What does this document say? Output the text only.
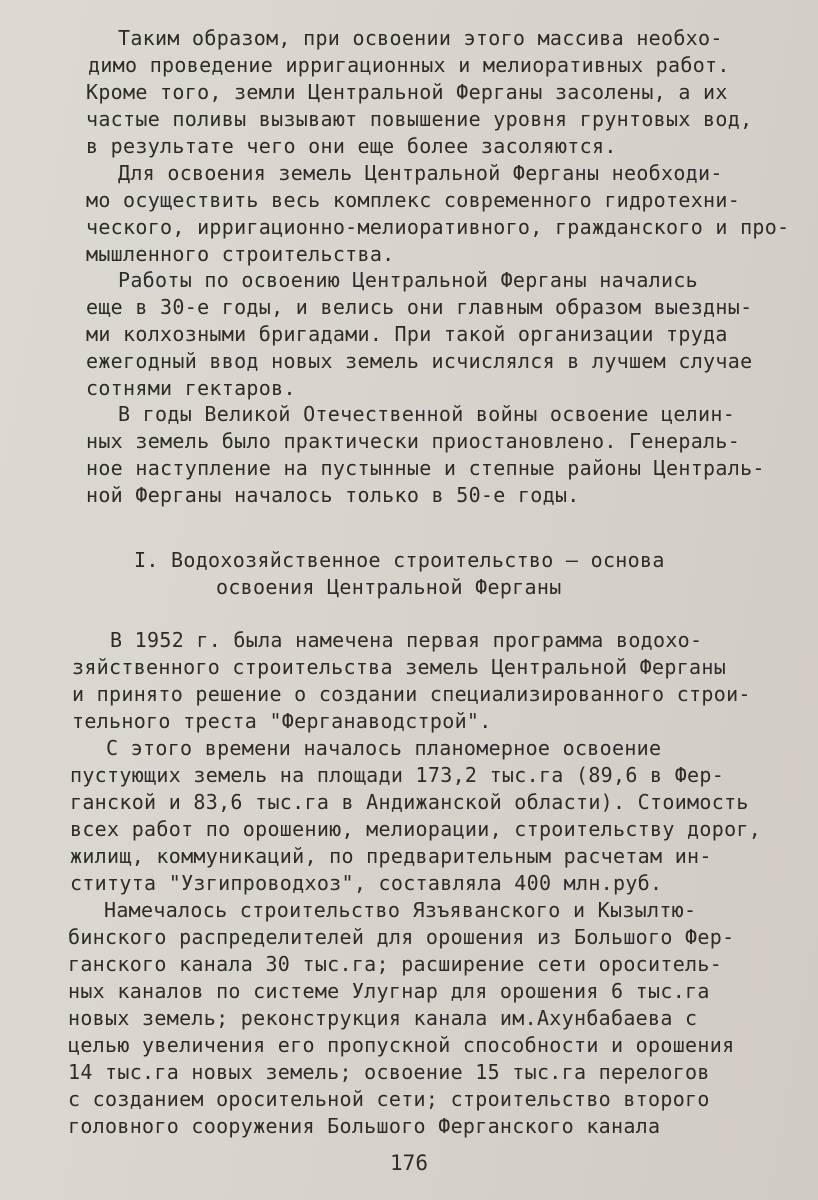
Таким образом, при освоении этого массива необхо-
димо проведение ирригационных и мелиоративных работ.
Кроме того, земли Центральной Ферганы засолены, а их
частые поливы вызывают повышение уровня грунтовых вод,
в результате чего они еще более засоляются.
Для освоения земель Центральной Ферганы необходи-
мо осуществить весь комплекс современного гидротехни-
ческого, ирригационно-мелиоративного, гражданского и про-
мышленного строительства.
Работы по освоению Центральной Ферганы начались
еще в 30-е годы, и велись они главным образом выездны-
ми колхозными бригадами. При такой организации труда
ежегодный ввод новых земель исчислялся в лучшем случае
сотнями гектаров.
В годы Великой Отечественной войны освоение целин-
ных земель было практически приостановлено. Генераль-
ное наступление на пустынные и степные районы Централь-
ной Ферганы началось только в 50-е годы.
I. Водохозяйственное строительство – основа
освоения Центральной Ферганы
В 1952 г. была намечена первая программа водохо-
зяйственного строительства земель Центральной Ферганы
и принято решение о создании специализированного строи-
тельного треста "Ферганаводстрой".
С этого времени началось планомерное освоение
пустующих земель на площади 173,2 тыс.га (89,6 в Фер-
ганской и 83,6 тыс.га в Андижанской области). Стоимость
всех работ по орошению, мелиорации, строительству дорог,
жилищ, коммуникаций, по предварительным расчетам ин-
ститута "Узгипроводхоз", составляла 400 млн.руб.
Намечалось строительство Язъяванского и Кызылтю-
бинского распределителей для орошения из Большого Фер-
ганского канала 30 тыс.га; расширение сети ороситель-
ных каналов по системе Улугнар для орошения 6 тыс.га
новых земель; реконструкция канала им.Ахунбабаева с
целью увеличения его пропускной способности и орошения
14 тыс.га новых земель; освоение 15 тыс.га перелогов
с созданием оросительной сети; строительство второго
головного сооружения Большого Ферганского канала
176
